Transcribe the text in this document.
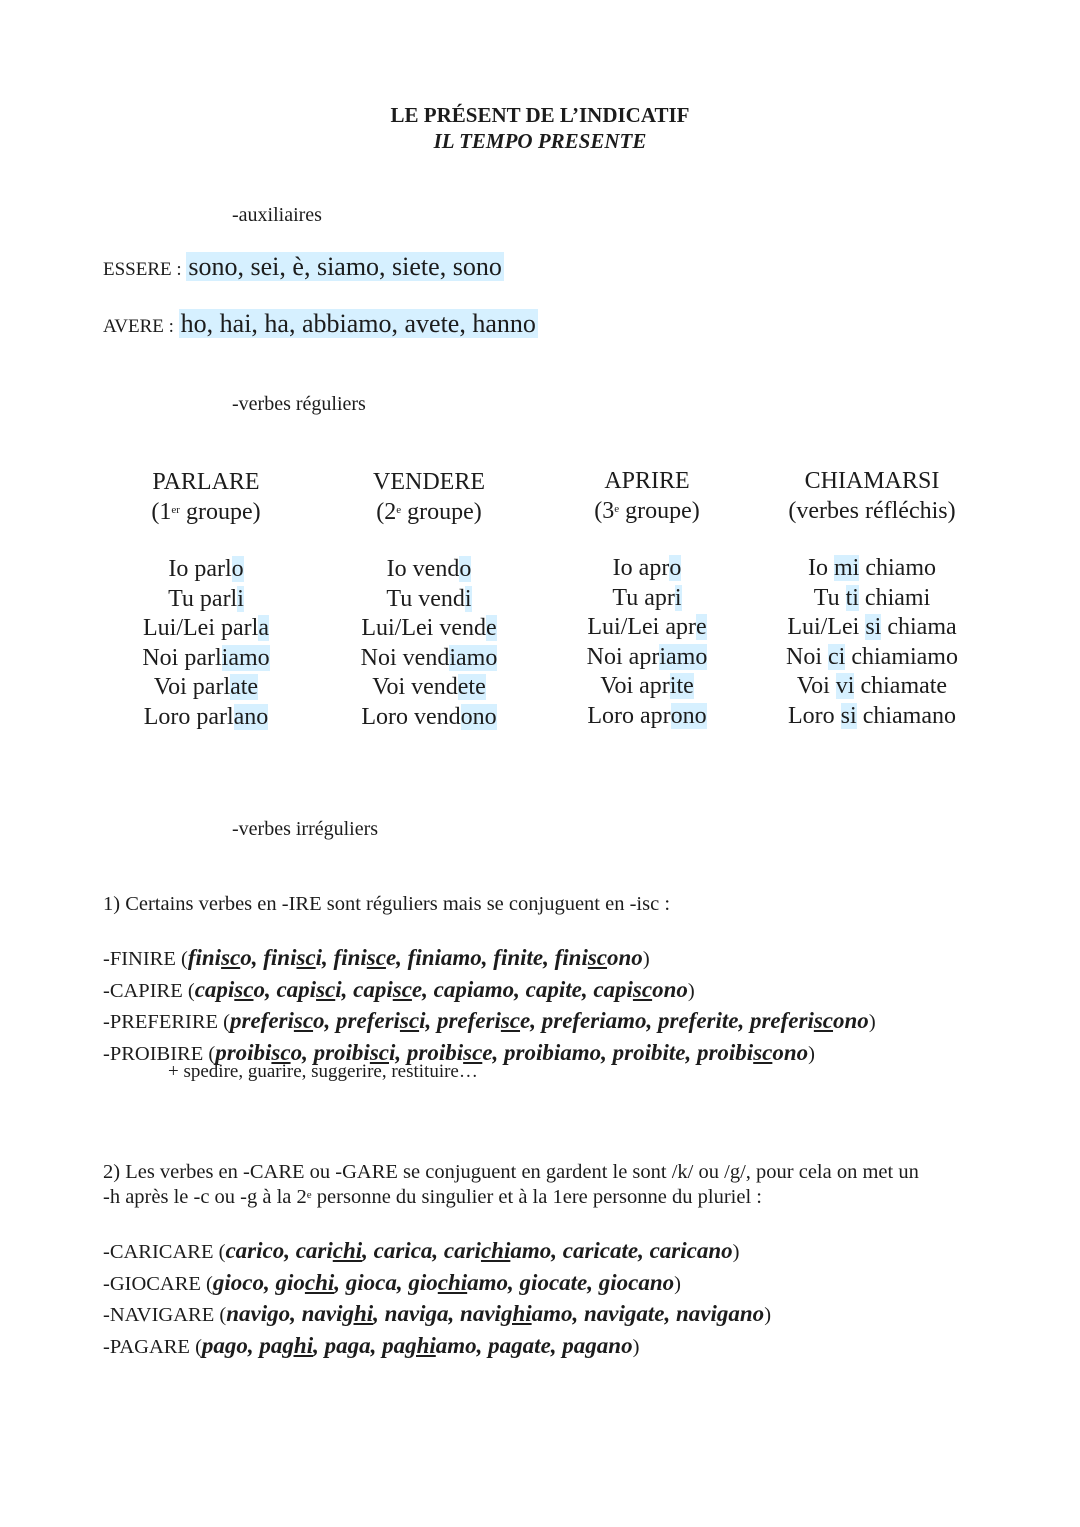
LE PRÉSENT DE L’INDICATIF
IL TEMPO PRESENTE
-auxiliaires
ESSERE : sono, sei, è, siamo, siete, sono
AVERE : ho, hai, ha, abbiamo, avete, hanno
-verbes réguliers
PARLARE
(1er groupe)
Io parlo
Tu parli
Lui/Lei parla
Noi parliamo
Voi parlate
Loro parlano
VENDERE
(2e groupe)
Io vendo
Tu vendi
Lui/Lei vende
Noi vendiamo
Voi vendete
Loro vendono
APRIRE
(3e groupe)
Io apro
Tu apri
Lui/Lei apre
Noi apriamo
Voi aprite
Loro aprono
CHIAMARSI
(verbes réfléchis)
Io mi chiamo
Tu ti chiami
Lui/Lei si chiama
Noi ci chiamiamo
Voi vi chiamate
Loro si chiamano
-verbes irréguliers
1) Certains verbes en -IRE sont réguliers mais se conjuguent en -isc :
-FINIRE (finisco, finisci, finisce, finiamo, finite, finiscono)
-CAPIRE (capisco, capisci, capisce, capiamo, capite, capiscono)
-PREFERIRE (preferisco, preferisci, preferisce, preferiamo, preferite, preferiscono)
-PROIBIRE (proibisco, proibisci, proibisce, proibiamo, proibite, proibiscono)
+ spedire, guarire, suggerire, restituire…
2) Les verbes en -CARE ou -GARE se conjuguent en gardent le sont /k/ ou /g/, pour cela on met un
-h après le -c ou -g à la 2e personne du singulier et à la 1ere personne du pluriel :
-CARICARE (carico, carichi, carica, carichiamo, caricate, caricano)
-GIOCARE (gioco, giochi, gioca, giochiamo, giocate, giocano)
-NAVIGARE (navigo, navighi, naviga, navighiamo, navigate, navigano)
-PAGARE (pago, paghi, paga, paghiamo, pagate, pagano)
